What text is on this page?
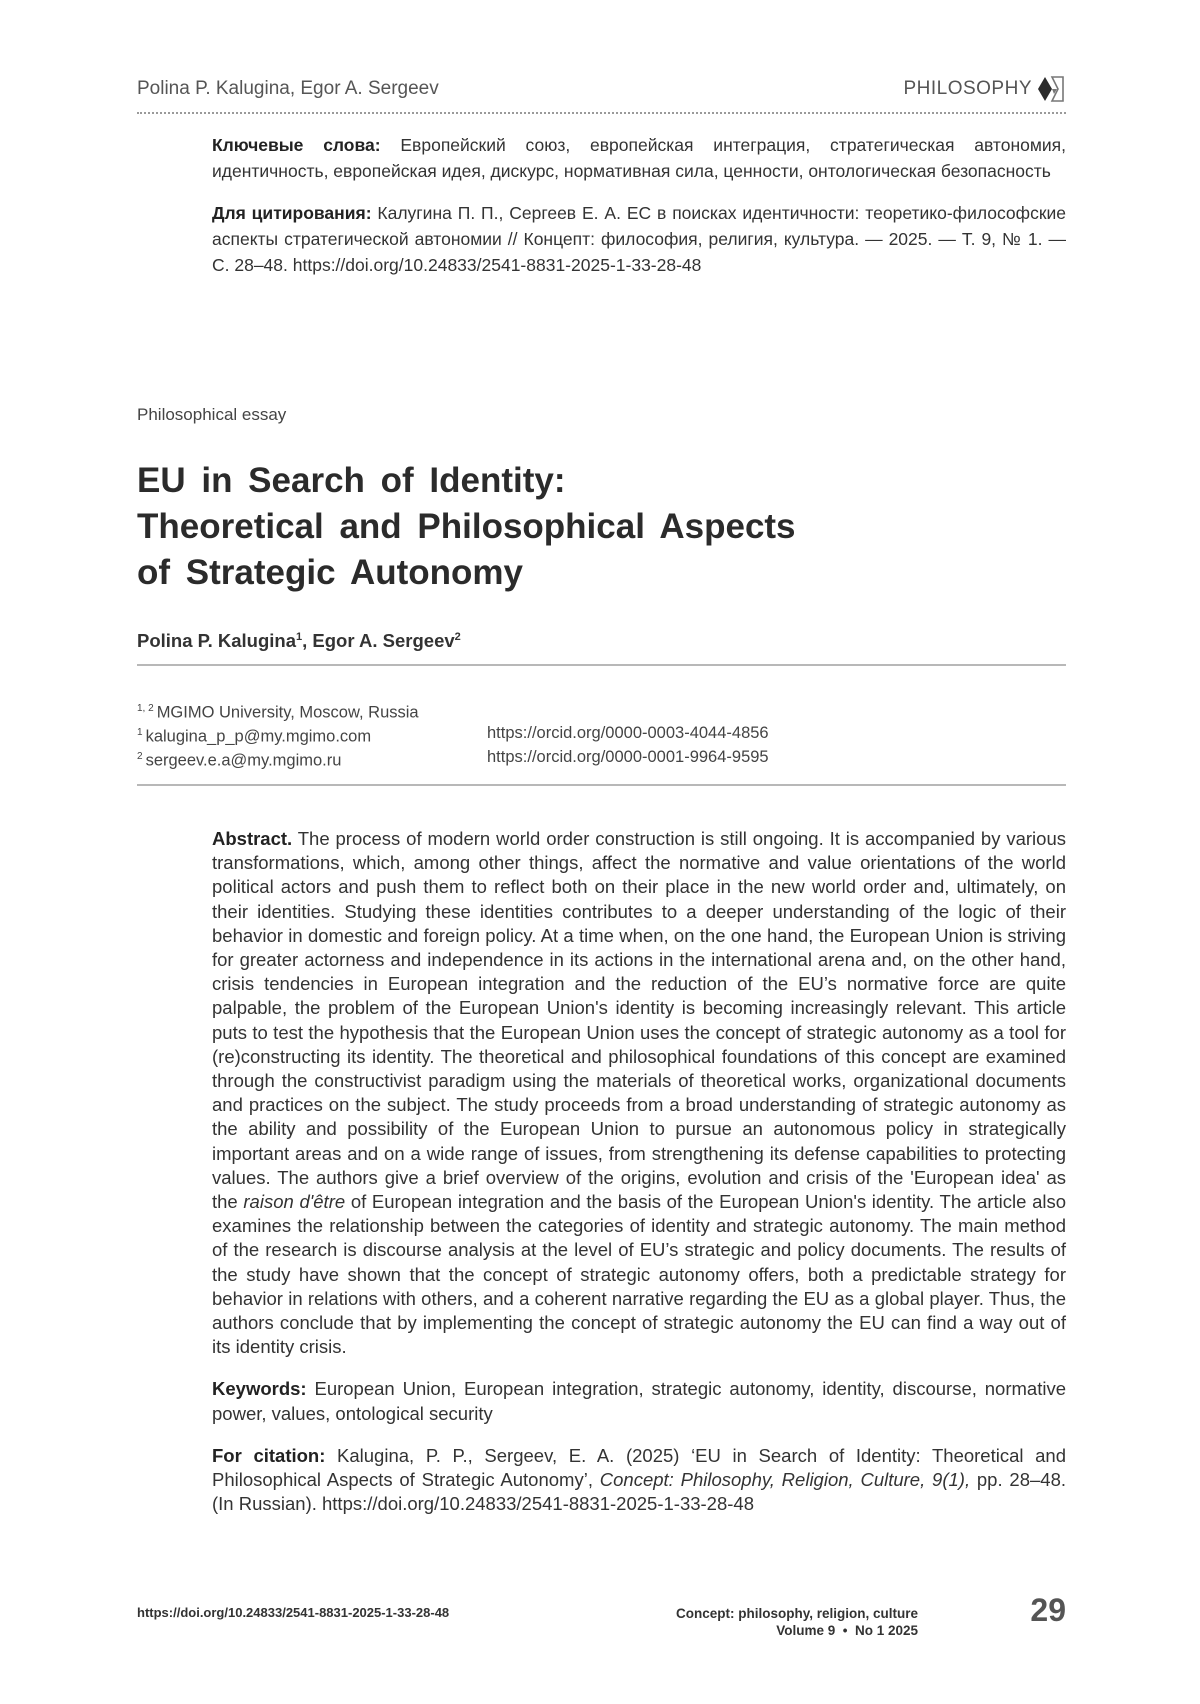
Polina P. Kalugina, Egor A. Sergeev	PHILOSOPHY

Ключевые слова: Европейский союз, европейская интеграция, стратегическая автономия, идентичность, европейская идея, дискурс, нормативная сила, ценности, онтологическая безопасность

Для цитирования: Калугина П. П., Сергеев Е. А. ЕС в поисках идентичности: теоретико-философские аспекты стратегической автономии // Концепт: философия, религия, культура. — 2025. — Т. 9, № 1. — С. 28–48. https://doi.org/10.24833/2541-8831-2025-1-33-28-48

Philosophical essay
EU in Search of Identity:
Theoretical and Philosophical Aspects
of Strategic Autonomy
Polina P. Kalugina$^1$, Egor A. Sergeev$^2$
$^{1, 2}$ MGIMO University, Moscow, Russia
$^1$ kalugina_p_p@my.mgimo.com	https://orcid.org/0000-0003-4044-4856
$^2$ sergeev.e.a@my.mgimo.ru	https://orcid.org/0000-0001-9964-9595

Abstract. The process of modern world order construction is still ongoing. It is accompanied by various transformations, which, among other things, affect the normative and value orientations of the world political actors and push them to reflect both on their place in the new world order and, ultimately, on their identities. Studying these identities contributes to a deeper understanding of the logic of their behavior in domestic and foreign policy. At a time when, on the one hand, the European Union is striving for greater actorness and independence in its actions in the international arena and, on the other hand, crisis tendencies in European integration and the reduction of the EU’s normative force are quite palpable, the problem of the European Union's identity is becoming increasingly relevant. This article puts to test the hypothesis that the European Union uses the concept of strategic autonomy as a tool for (re)constructing its identity. The theoretical and philosophical foundations of this concept are examined through the constructivist paradigm using the materials of theoretical works, organizational documents and practices on the subject. The study proceeds from a broad understanding of strategic autonomy as the ability and possibility of the European Union to pursue an autonomous policy in strategically important areas and on a wide range of issues, from strengthening its defense capabilities to protecting values. The authors give a brief overview of the origins, evolution and crisis of the 'European idea' as the raison d'être of European integration and the basis of the European Union's identity. The article also examines the relationship between the categories of identity and strategic autonomy. The main method of the research is discourse analysis at the level of EU’s strategic and policy documents. The results of the study have shown that the concept of strategic autonomy offers, both a predictable strategy for behavior in relations with others, and a coherent narrative regarding the EU as a global player. Thus, the authors conclude that by implementing the concept of strategic autonomy the EU can find a way out of its identity crisis.

Keywords: European Union, European integration, strategic autonomy, identity, discourse, normative power, values, ontological security

For citation: Kalugina, P. P., Sergeev, E. A. (2025) ‘EU in Search of Identity: Theoretical and Philosophical Aspects of Strategic Autonomy’, Concept: Philosophy, Religion, Culture, 9(1), pp. 28–48. (In Russian). https://doi.org/10.24833/2541-8831-2025-1-33-28-48

https://doi.org/10.24833/2541-8831-2025-1-33-28-48	Concept: philosophy, religion, culture
Volume 9  •  No 1 2025
29
